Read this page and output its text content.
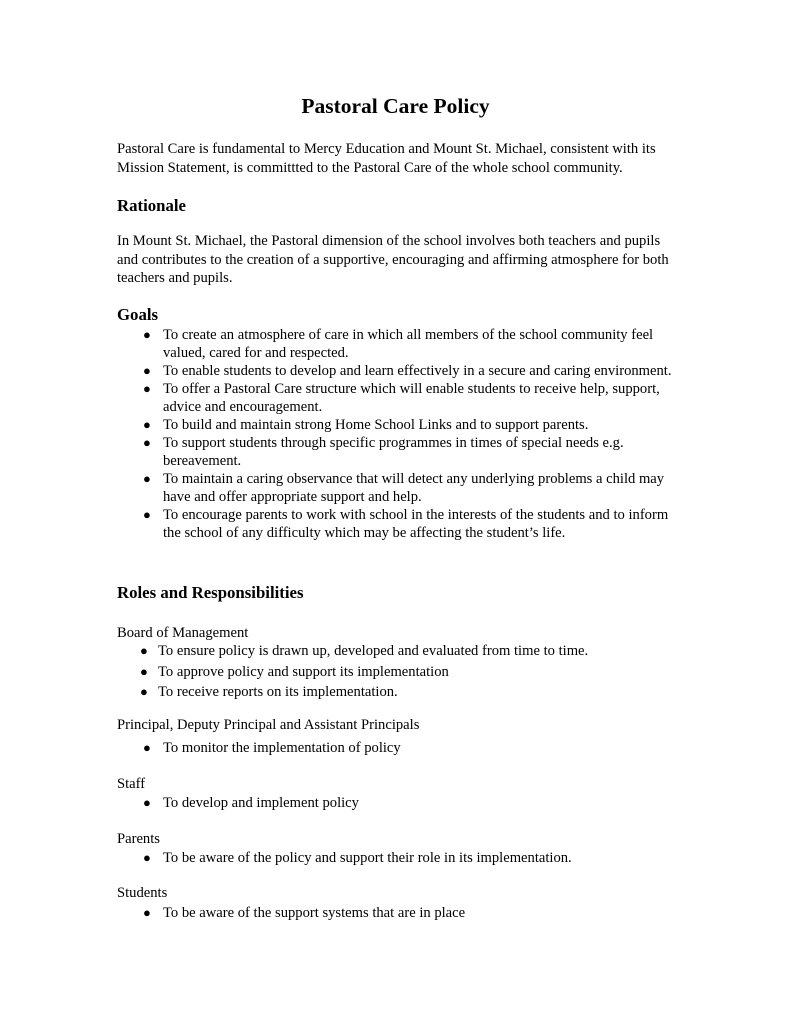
Pastoral Care Policy

Pastoral Care is fundamental to Mercy Education and Mount St. Michael, consistent with its Mission Statement, is committted to the Pastoral Care of the whole school community.

Rationale

In Mount St. Michael, the Pastoral dimension of the school involves both teachers and pupils and contributes to the creation of a supportive, encouraging and affirming atmosphere for both teachers and pupils.

Goals
● To create an atmosphere of care in which all members of the school community feel valued, cared for and respected.
● To enable students to develop and learn effectively in a secure and caring environment.
● To offer a Pastoral Care structure which will enable students to receive help, support, advice and encouragement.
● To build and maintain strong Home School Links and to support parents.
● To support students through specific programmes in times of special needs e.g. bereavement.
● To maintain a caring observance that will detect any underlying problems a child may have and offer appropriate support and help.
● To encourage parents to work with school in the interests of the students and to inform the school of any difficulty which may be affecting the student’s life.
Roles and Responsibilities

Board of Management

● To ensure policy is drawn up, developed and evaluated from time to time.
● To approve policy and support its implementation
● To receive reports on its implementation.

Principal, Deputy Principal and Assistant Principals

● To monitor the implementation of policy

Staff

● To develop and implement policy

Parents

● To be aware of the policy and support their role in its implementation.

Students

● To be aware of the support systems that are in place
